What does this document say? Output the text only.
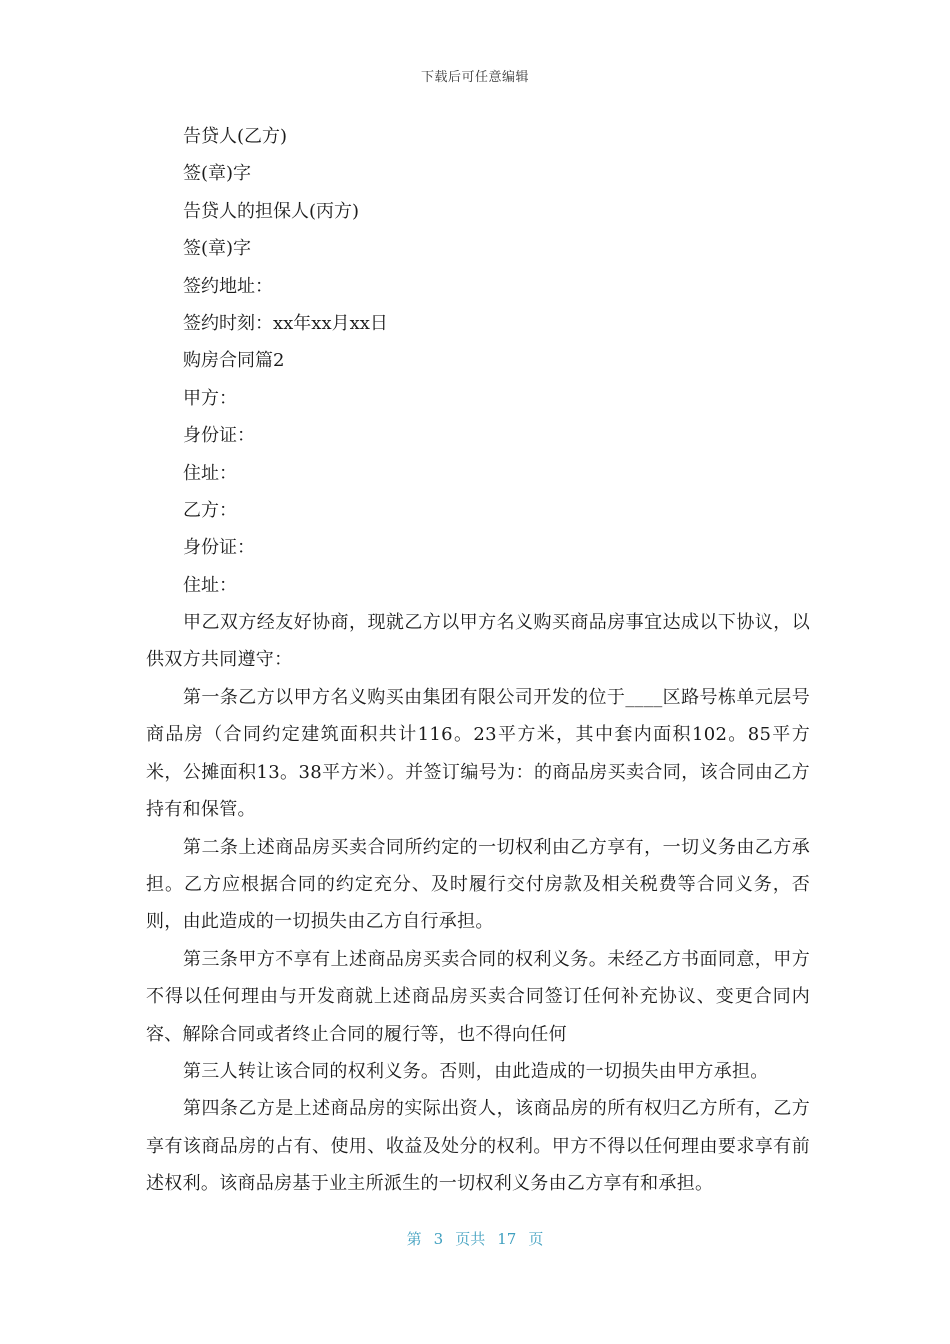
下载后可任意编辑
告贷人(乙方)
签(章)字
告贷人的担保人(丙方)
签(章)字
签约地址：
签约时刻：xx年xx月xx日
购房合同篇2
甲方：
身份证：
住址：
乙方：
身份证：
住址：

甲乙双方经友好协商，现就乙方以甲方名义购买商品房事宜达成以下协议，以供双方共同遵守：

第一条乙方以甲方名义购买由集团有限公司开发的位于____区路号栋单元层号商品房（合同约定建筑面积共计116。23平方米，其中套内面积102。85平方米，公摊面积13。38平方米）。并签订编号为：的商品房买卖合同，该合同由乙方持有和保管。

第二条上述商品房买卖合同所约定的一切权利由乙方享有，一切义务由乙方承担。乙方应根据合同的约定充分、及时履行交付房款及相关税费等合同义务，否则，由此造成的一切损失由乙方自行承担。

第三条甲方不享有上述商品房买卖合同的权利义务。未经乙方书面同意，甲方不得以任何理由与开发商就上述商品房买卖合同签订任何补充协议、变更合同内容、解除合同或者终止合同的履行等，也不得向任何

第三人转让该合同的权利义务。否则，由此造成的一切损失由甲方承担。

第四条乙方是上述商品房的实际出资人，该商品房的所有权归乙方所有，乙方享有该商品房的占有、使用、收益及处分的权利。甲方不得以任何理由要求享有前述权利。该商品房基于业主所派生的一切权利义务由乙方享有和承担。

第 3 页共 17 页
